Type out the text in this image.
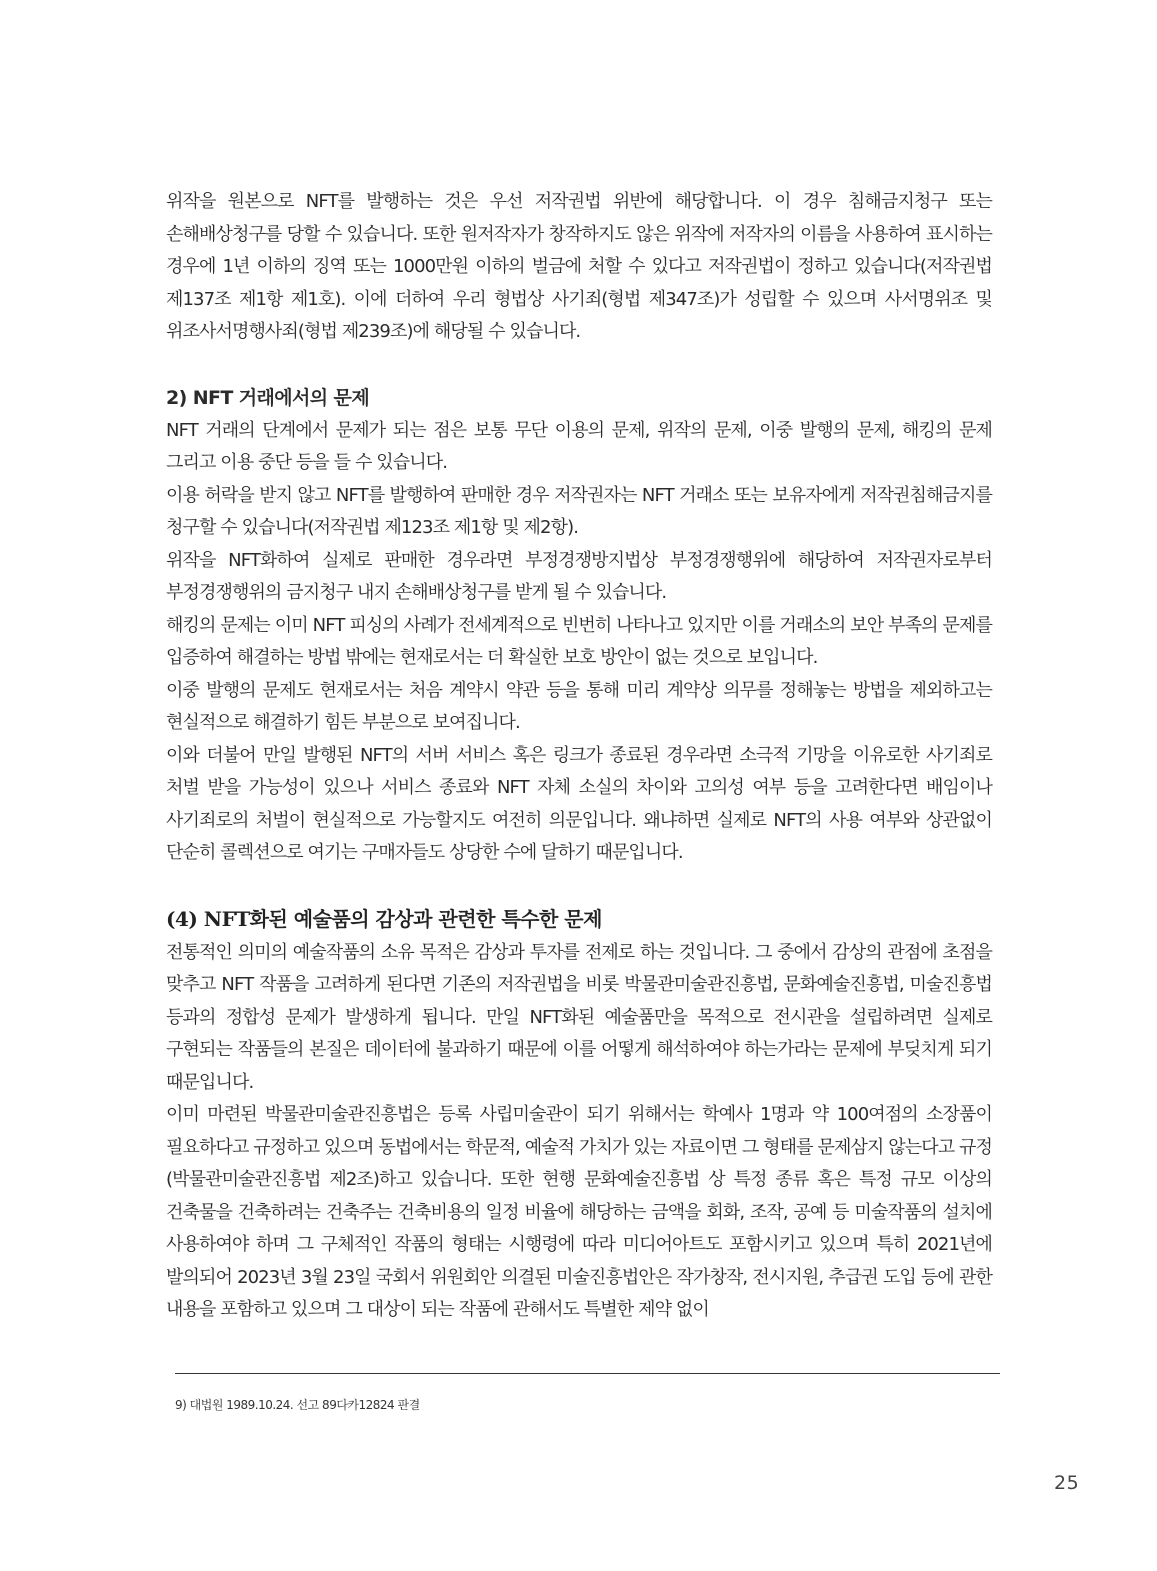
위작을 원본으로 NFT를 발행하는 것은 우선 저작권법 위반에 해당합니다. 이 경우 침해금지청구 또는 손해배상청구를 당할 수 있습니다. 또한 원저작자가 창작하지도 않은 위작에 저작자의 이름을 사용하여 표시하는 경우에 1년 이하의 징역 또는 1000만원 이하의 벌금에 처할 수 있다고 저작권법이 정하고 있습니다(저작권법 제137조 제1항 제1호). 이에 더하여 우리 형법상 사기죄(형법 제347조)가 성립할 수 있으며 사서명위조 및 위조사서명행사죄(형법 제239조)에 해당될 수 있습니다.

2) NFT 거래에서의 문제

NFT 거래의 단계에서 문제가 되는 점은 보통 무단 이용의 문제, 위작의 문제, 이중 발행의 문제, 해킹의 문제 그리고 이용 중단 등을 들 수 있습니다.

이용 허락을 받지 않고 NFT를 발행하여 판매한 경우 저작권자는 NFT 거래소 또는 보유자에게 저작권침해금지를 청구할 수 있습니다(저작권법 제123조 제1항 및 제2항).

위작을 NFT화하여 실제로 판매한 경우라면 부정경쟁방지법상 부정경쟁행위에 해당하여 저작권자로부터 부정경쟁행위의 금지청구 내지 손해배상청구를 받게 될 수 있습니다.

해킹의 문제는 이미 NFT 피싱의 사례가 전세계적으로 빈번히 나타나고 있지만 이를 거래소의 보안 부족의 문제를 입증하여 해결하는 방법 밖에는 현재로서는 더 확실한 보호 방안이 없는 것으로 보입니다.

이중 발행의 문제도 현재로서는 처음 계약시 약관 등을 통해 미리 계약상 의무를 정해놓는 방법을 제외하고는 현실적으로 해결하기 힘든 부분으로 보여집니다.

이와 더불어 만일 발행된 NFT의 서버 서비스 혹은 링크가 종료된 경우라면 소극적 기망을 이유로한 사기죄로 처벌 받을 가능성이 있으나 서비스 종료와 NFT 자체 소실의 차이와 고의성 여부 등을 고려한다면 배임이나 사기죄로의 처벌이 현실적으로 가능할지도 여전히 의문입니다. 왜냐하면 실제로 NFT의 사용 여부와 상관없이 단순히 콜렉션으로 여기는 구매자들도 상당한 수에 달하기 때문입니다.

(4) NFT화된 예술품의 감상과 관련한 특수한 문제

전통적인 의미의 예술작품의 소유 목적은 감상과 투자를 전제로 하는 것입니다. 그 중에서 감상의 관점에 초점을 맞추고 NFT 작품을 고려하게 된다면 기존의 저작권법을 비롯 박물관미술관진흥법, 문화예술진흥법, 미술진흥법 등과의 정합성 문제가 발생하게 됩니다. 만일 NFT화된 예술품만을 목적으로 전시관을 설립하려면 실제로 구현되는 작품들의 본질은 데이터에 불과하기 때문에 이를 어떻게 해석하여야 하는가라는 문제에 부딪치게 되기 때문입니다.

이미 마련된 박물관미술관진흥법은 등록 사립미술관이 되기 위해서는 학예사 1명과 약 100여점의 소장품이 필요하다고 규정하고 있으며 동법에서는 학문적, 예술적 가치가 있는 자료이면 그 형태를 문제삼지 않는다고 규정(박물관미술관진흥법 제2조)하고 있습니다. 또한 현행 문화예술진흥법 상 특정 종류 혹은 특정 규모 이상의 건축물을 건축하려는 건축주는 건축비용의 일정 비율에 해당하는 금액을 회화, 조작, 공예 등 미술작품의 설치에 사용하여야 하며 그 구체적인 작품의 형태는 시행령에 따라 미디어아트도 포함시키고 있으며 특히 2021년에 발의되어 2023년 3월 23일 국회서 위원회안 의결된 미술진흥법안은 작가창작, 전시지원, 추급권 도입 등에 관한 내용을 포함하고 있으며 그 대상이 되는 작품에 관해서도 특별한 제약 없이

9) 대법원 1989.10.24. 선고 89다카12824 판결
25
